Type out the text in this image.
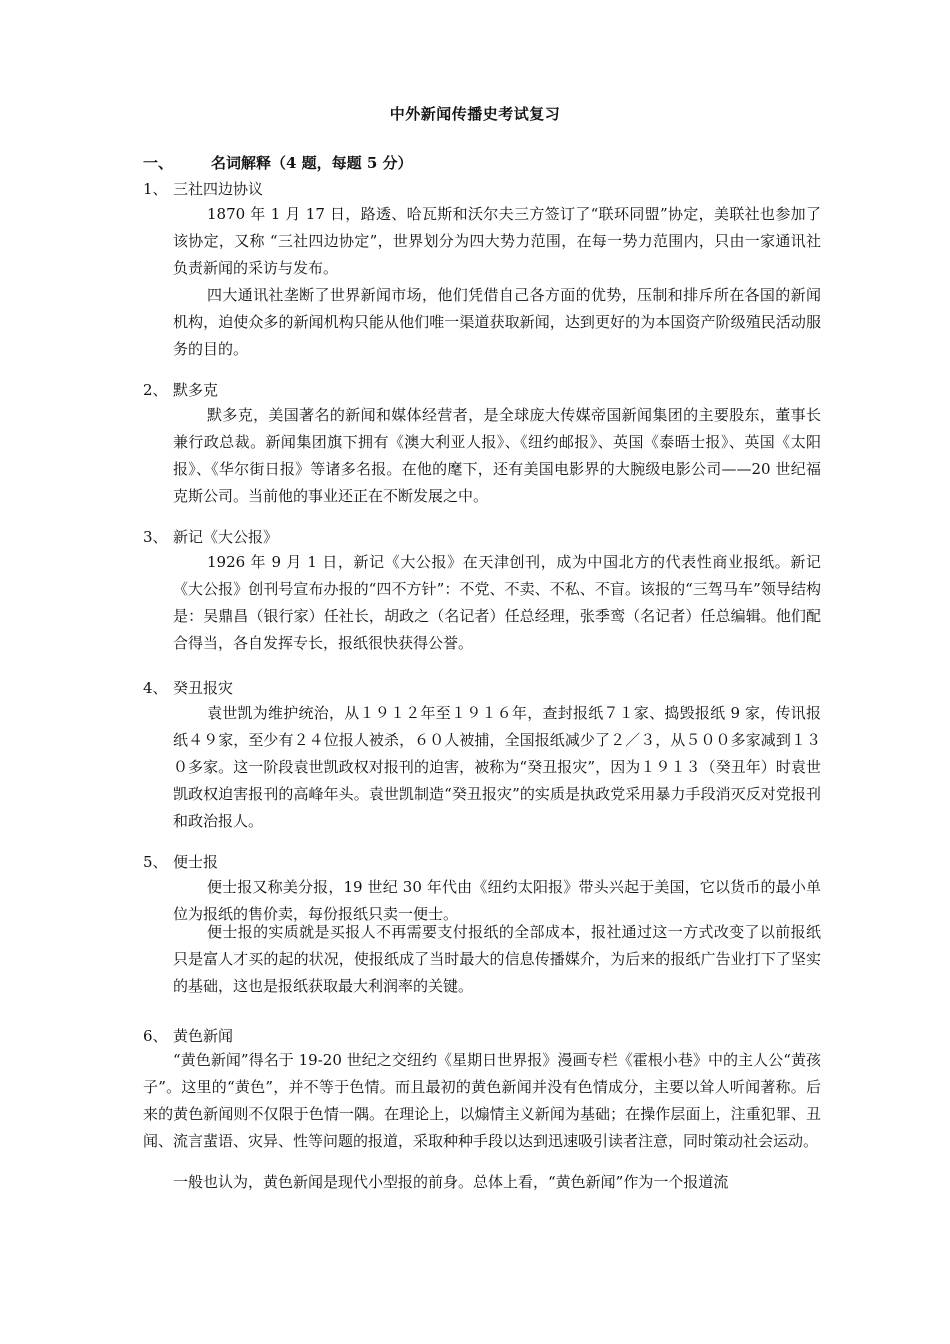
中外新闻传播史考试复习
一、	名词解释（4 题，每题 5 分）
1、 三社四边协议

1870 年 1 月 17 日，路透、哈瓦斯和沃尔夫三方签订了“联环同盟”协定，美联社也参加了该协定，又称 “三社四边协定”，世界划分为四大势力范围，在每一势力范围内，只由一家通讯社负责新闻的采访与发布。

四大通讯社垄断了世界新闻市场，他们凭借自己各方面的优势，压制和排斥所在各国的新闻机构，迫使众多的新闻机构只能从他们唯一渠道获取新闻，达到更好的为本国资产阶级殖民活动服务的目的。

2、 默多克

默多克，美国著名的新闻和媒体经营者，是全球庞大传媒帝国新闻集团的主要股东，董事长兼行政总裁。新闻集团旗下拥有《澳大利亚人报》、《纽约邮报》、英国《泰晤士报》、英国《太阳报》、《华尔街日报》等诸多名报。在他的麾下，还有美国电影界的大腕级电影公司——20 世纪福克斯公司。当前他的事业还正在不断发展之中。

3、 新记《大公报》

1926 年 9 月 1 日，新记《大公报》在天津创刊，成为中国北方的代表性商业报纸。新记《大公报》创刊号宣布办报的“四不方针”：不党、不卖、不私、不盲。该报的“三驾马车”领导结构是：吴鼎昌（银行家）任社长，胡政之（名记者）任总经理，张季鸾（名记者）任总编辑。他们配合得当，各自发挥专长，报纸很快获得公誉。

4、 癸丑报灾

袁世凯为维护统治，从１９１２年至１９１６年，查封报纸７１家、捣毁报纸 9 家，传讯报纸４９家，至少有２４位报人被杀，６０人被捕，全国报纸减少了２／３，从５００多家减到１３０多家。这一阶段袁世凯政权对报刊的迫害，被称为“癸丑报灾”，因为１９１３（癸丑年）时袁世凯政权迫害报刊的高峰年头。袁世凯制造“癸丑报灾”的实质是执政党采用暴力手段消灭反对党报刊和政治报人。

5、 便士报

便士报又称美分报，19 世纪 30 年代由《纽约太阳报》带头兴起于美国，它以货币的最小单位为报纸的售价卖，每份报纸只卖一便士。

便士报的实质就是买报人不再需要支付报纸的全部成本，报社通过这一方式改变了以前报纸只是富人才买的起的状况，使报纸成了当时最大的信息传播媒介，为后来的报纸广告业打下了坚实的基础，这也是报纸获取最大利润率的关键。

6、 黄色新闻

“黄色新闻”得名于 19-20 世纪之交纽约《星期日世界报》漫画专栏《霍根小巷》中的主人公“黄孩子”。这里的“黄色”，并不等于色情。而且最初的黄色新闻并没有色情成分，主要以耸人听闻著称。后来的黄色新闻则不仅限于色情一隅。在理论上，以煽情主义新闻为基础；在操作层面上，注重犯罪、丑闻、流言蜚语、灾异、性等问题的报道，采取种种手段以达到迅速吸引读者注意，同时策动社会运动。

一般也认为，黄色新闻是现代小型报的前身。总体上看，“黄色新闻”作为一个报道流
